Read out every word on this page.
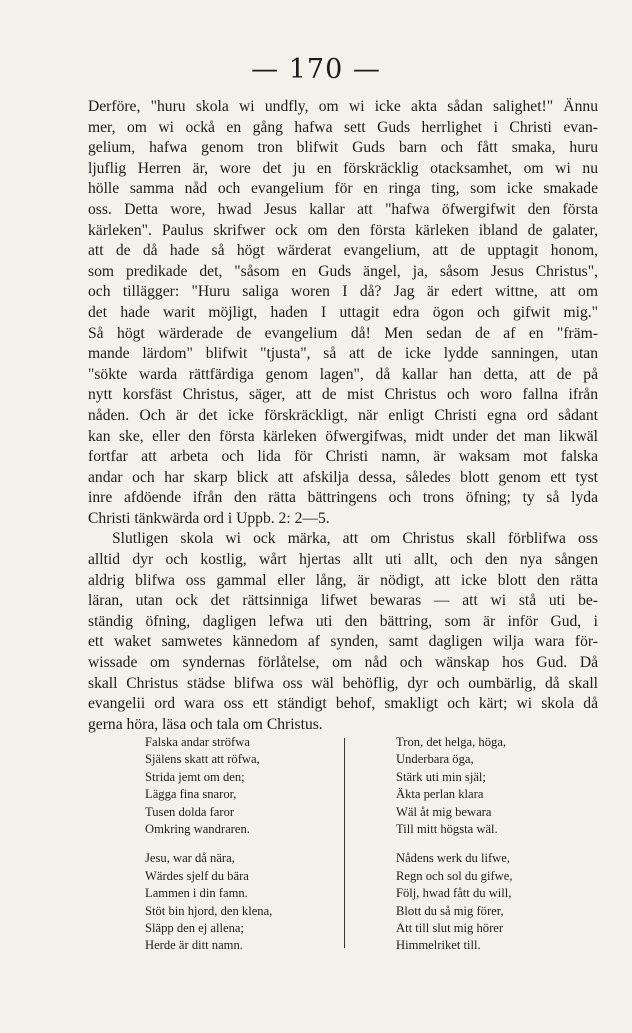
— 170 —
Derföre, "huru skola wi undfly, om wi icke akta sådan salighet!" Ännu
mer, om wi ockå en gång hafwa sett Guds herrlighet i Christi evan-
gelium, hafwa genom tron blifwit Guds barn och fått smaka, huru
ljuflig Herren är, wore det ju en förskräcklig otacksamhet, om wi nu
hölle samma nåd och evangelium för en ringa ting, som icke smakade
oss. Detta wore, hwad Jesus kallar att "hafwa öfwergifwit den första
kärleken". Paulus skrifwer ock om den första kärleken ibland de galater,
att de då hade så högt wärderat evangelium, att de upptagit honom,
som predikade det, "såsom en Guds ängel, ja, såsom Jesus Christus",
och tillägger: "Huru saliga woren I då? Jag är edert wittne, att om
det hade warit möjligt, haden I uttagit edra ögon och gifwit mig."
Så högt wärderade de evangelium då! Men sedan de af en "främ-
mande lärdom" blifwit "tjusta", så att de icke lydde sanningen, utan
"sökte warda rättfärdiga genom lagen", då kallar han detta, att de på
nytt korsfäst Christus, säger, att de mist Christus och woro fallna ifrån
nåden. Och är det icke förskräckligt, när enligt Christi egna ord sådant
kan ske, eller den första kärleken öfwergifwas, midt under det man likwäl
fortfar att arbeta och lida för Christi namn, är waksam mot falska
andar och har skarp blick att afskilja dessa, således blott genom ett tyst
inre afdöende ifrån den rätta bättringens och trons öfning; ty så lyda
Christi tänkwärda ord i Uppb. 2: 2—5.
Slutligen skola wi ock märka, att om Christus skall förblifwa oss
alltid dyr och kostlig, wårt hjertas allt uti allt, och den nya sången
aldrig blifwa oss gammal eller lång, är nödigt, att icke blott den rätta
läran, utan ock det rättsinniga lifwet bewaras — att wi stå uti be-
ständig öfning, dagligen lefwa uti den bättring, som är inför Gud, i
ett waket samwetes kännedom af synden, samt dagligen wilja wara för-
wissade om syndernas förlåtelse, om nåd och wänskap hos Gud. Då
skall Christus städse blifwa oss wäl behöflig, dyr och oumbärlig, då skall
evangelii ord wara oss ett ständigt behof, smakligt och kärt; wi skola då
gerna höra, läsa och tala om Christus.
Falska andar ströfwa
Själens skatt att röfwa,
Strida jemt om den;
Lägga fina snaror,
Tusen dolda faror
Omkring wandraren.
Jesu, war då nära,
Wärdes sjelf du bära
Lammen i din famn.
Stöt bin hjord, den klena,
Släpp den ej allena;
Herde är ditt namn.
Tron, det helga, höga,
Underbara öga,
Stärk uti min själ;
Äkta perlan klara
Wäl åt mig bewara
Till mitt högsta wäl.
Nådens werk du lifwe,
Regn och sol du gifwe,
Följ, hwad fått du will,
Blott du så mig förer,
Att till slut mig hörer
Himmelriket till.
